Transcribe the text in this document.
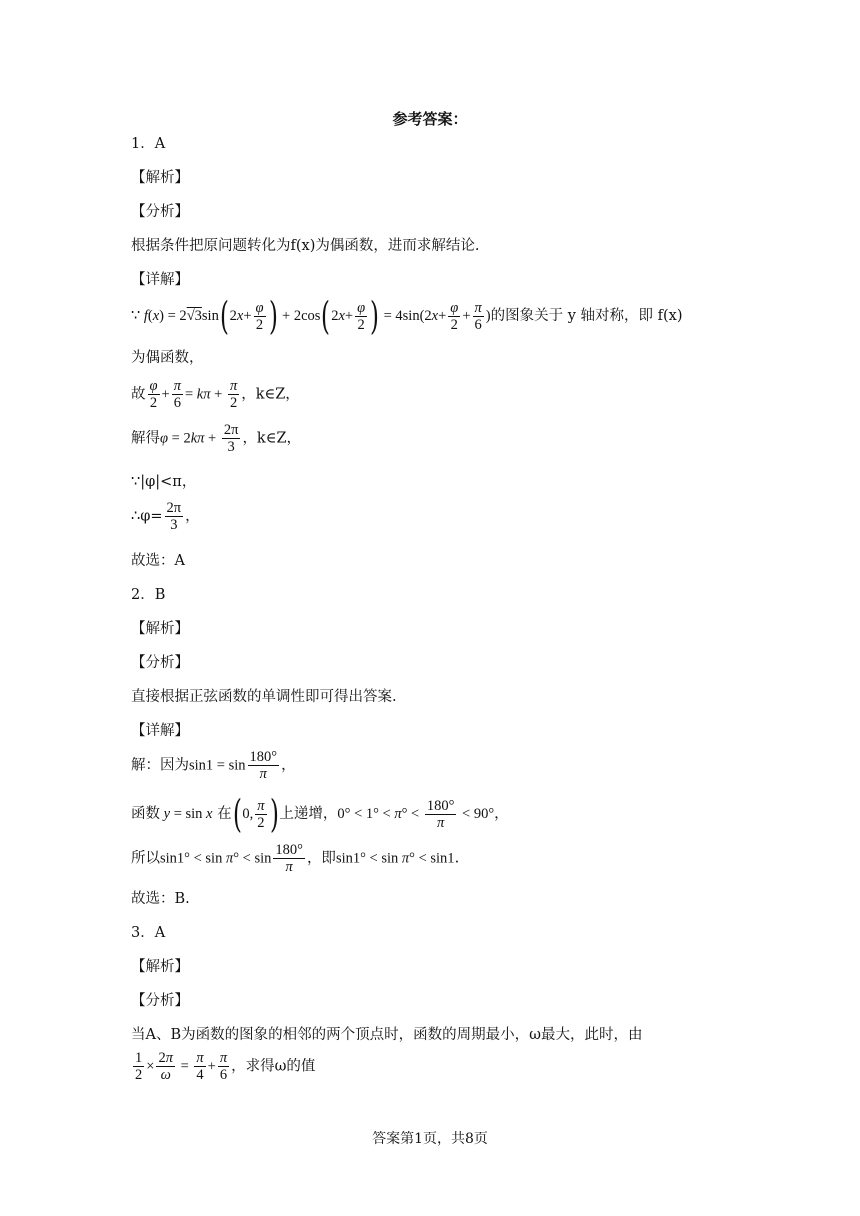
参考答案：
1．A
【解析】
【分析】
根据条件把原问题转化为f(x)为偶函数，进而求解结论.
【详解】
∵ $f(x) = 2√3\sin(2x+ \frac{\varphi}{2}$ ) + $2\cos(2x+ \frac{\varphi}{2}$ ) = $4\sin(2x+ \frac{\varphi}{2} + \frac{\pi}{6}$ )的图象关于 y 轴对称，即 f(x)
为偶函数，
故 $\frac{\varphi}{2} + \frac{\pi}{6} = k\pi + \frac{\pi}{2}$ ，k∈Z，
解得$\varphi = 2k\pi + \frac{2\pi}{3}$ ，k∈Z，
∵|φ|<π，
∴φ= $\frac{2\pi}{3}$ ，
故选：A
2．B
【解析】
【分析】
直接根据正弦函数的单调性即可得出答案.
【详解】
解：因为$\sin 1 = \sin \frac{180^\circ}{\pi}$ ，
函数 y = sin x 在(0, $\frac{\pi}{2}$ )上递增，$0^\circ < 1^\circ < \pi^\circ < \frac{180^\circ}{\pi} < 90^\circ$，
所以$\sin 1^\circ < \sin \pi^\circ < \sin \frac{180^\circ}{\pi}$ ，即sin1° < sin π° < sin1.
故选：B.
3．A
【解析】
【分析】
当A、B为函数的图象的相邻的两个顶点时，函数的周期最小，ω最大，此时，由
$\frac{1}{2} \times \frac{2\pi}{\omega} = \frac{\pi}{4} + \frac{\pi}{6}$ ，求得ω的值
答案第1页，共8页
